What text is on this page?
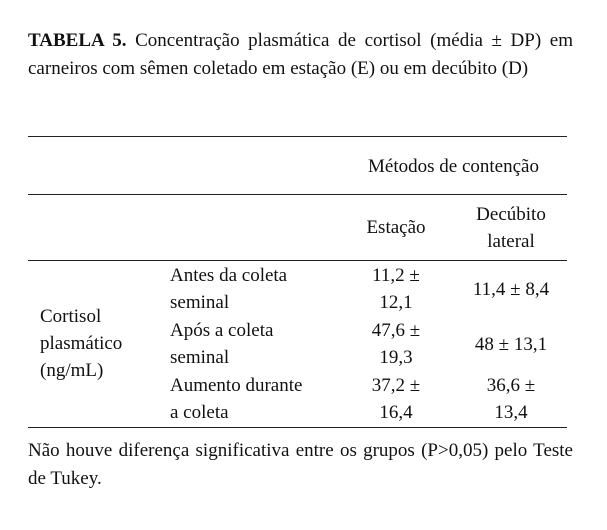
TABELA 5. Concentração plasmática de cortisol (média ± DP) em carneiros com sêmen coletado em estação (E) ou em decúbito (D)
Métodos de contenção
Estação
Decúbito
lateral
Cortisol
plasmático
(ng/mL)
Antes da coleta
seminal
11,2 ±
12,1
11,4 ± 8,4
Após a coleta
seminal
47,6 ±
19,3
48 ± 13,1
Aumento durante
a coleta
37,2 ±
16,4
36,6 ±
13,4
Não houve diferença significativa entre os grupos (P>0,05) pelo Teste de Tukey.
